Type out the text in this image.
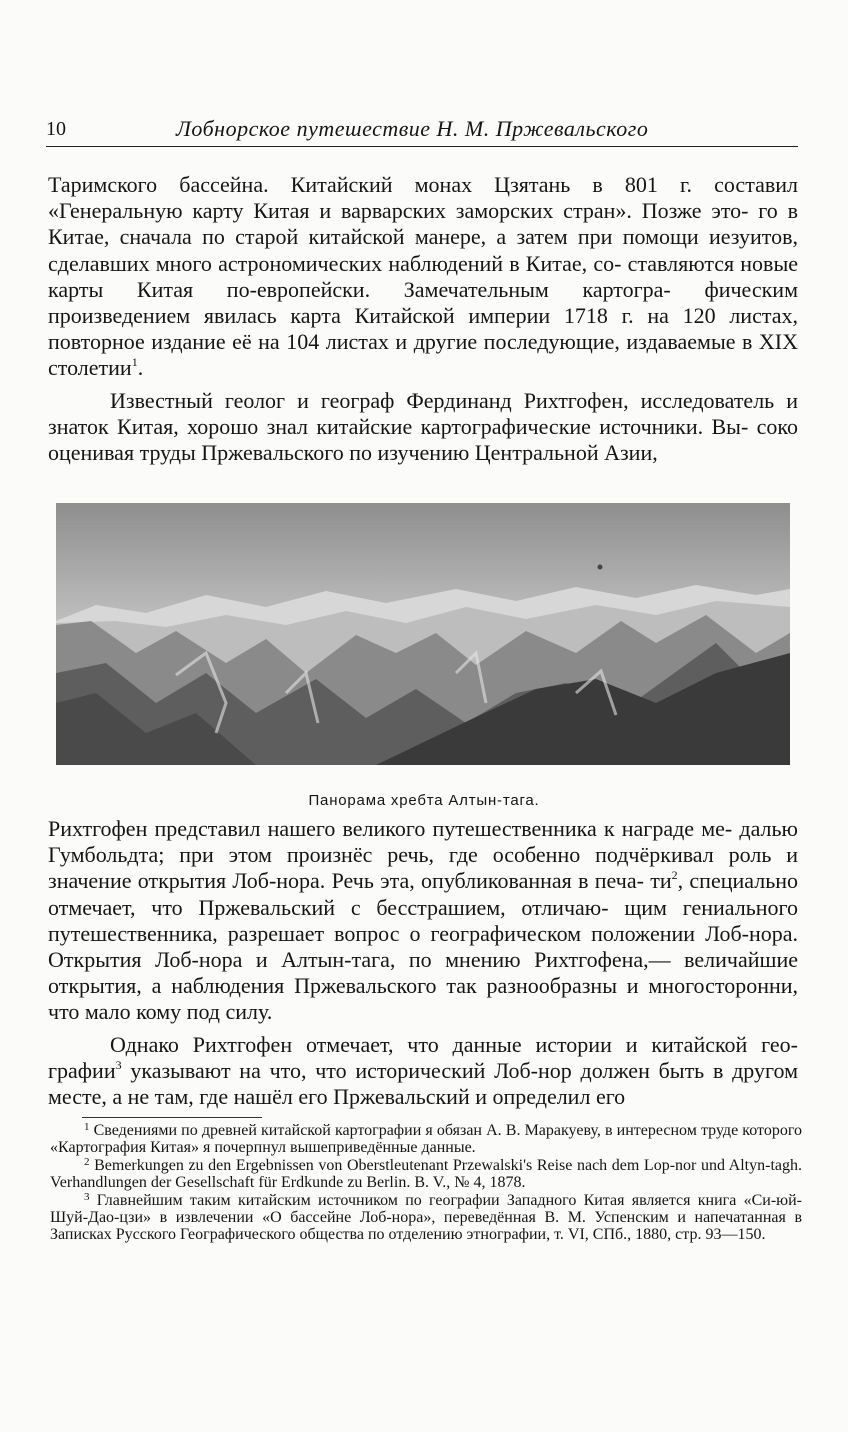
10	Лобнорское путешествие Н. М. Пржевальского

Таримского бассейна. Китайский монах Цзятань в 801 г. составил «Генеральную карту Китая и варварских заморских стран». Позже это- го в Китае, сначала по старой китайской манере, а затем при помощи иезуитов, сделавших много астрономических наблюдений в Китае, со- ставляются новые карты Китая по-европейски. Замечательным картогра- фическим произведением явилась карта Китайской империи 1718 г. на 120 листах, повторное издание её на 104 листах и другие последующие, издаваемые в XIX столетии$^1$.

Известный геолог и географ Фердинанд Рихтгофен, исследователь и знаток Китая, хорошо знал китайские картографические источники. Вы- соко оценивая труды Пржевальского по изучению Центральной Азии,

Панорама хребта Алтын-тага.

Рихтгофен представил нашего великого путешественника к награде ме- далью Гумбольдта; при этом произнёс речь, где особенно подчёркивал роль и значение открытия Лоб-нора. Речь эта, опубликованная в печа- $ти^2$, специально отмечает, что Пржевальский с бесстрашием, отличаю- щим гениального путешественника, разрешает вопрос о географическом положении Лоб-нора. Открытия Лоб-нора и Алтын-тага, по мнению Рихтгофена,— величайшие открытия, а наблюдения Пржевальского так разнообразны и многосторонни, что мало кому под силу.

Однако Рихтгофен отмечает, что данные истории и китайской гео- графии$^3$ указывают на что, что исторический Лоб-нор должен быть в другом месте, а не там, где нашёл его Пржевальский и определил его

$^1$ Сведениями по древней китайской картографии я обязан А. В. Маракуеву, в интересном труде которого «Картография Китая» я почерпнул вышеприведённые данные.

$^2$ Bemerkungen zu den Ergebnissen von Oberstleutenant Przewalski's Reise nach dem Lop-nor und Altyn-tagh. Verhandlungen der Gesellschaft für Erdkunde zu Berlin. B. V., № 4, 1878.

$^3$ Главнейшим таким китайским источником по географии Западного Китая является книга «Си-юй-Шуй-Дао-цзи» в извлечении «О бассейне Лоб-нора», переведённая В. М. Успенским и напечатанная в Записках Русского Географического общества по отделению этнографии, т. VI, СПб., 1880, стр. 93—150.
